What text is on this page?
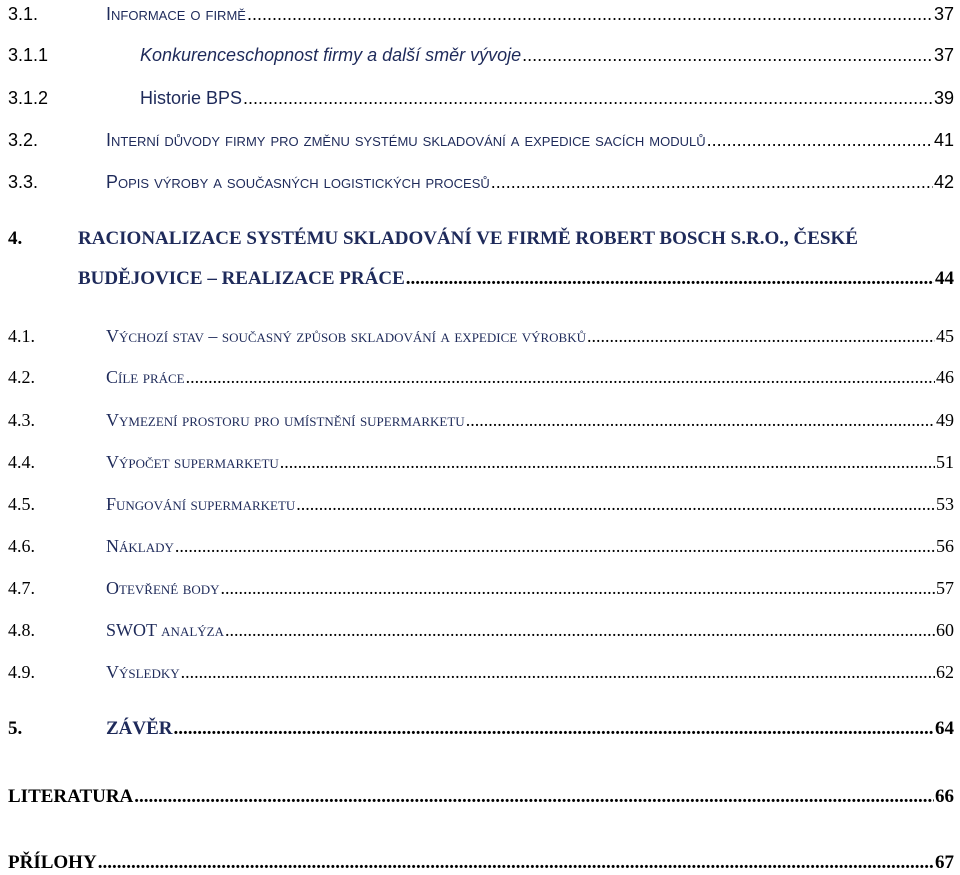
3.1.	Informace o firmě .....	37
3.1.1	Konkurenceschopnost firmy a další směr vývoje .....	37
3.1.2	Historie BPS .....	39
3.2.	Interní důvody firmy pro změnu systému skladování a expedice sacích modulů .....	41
3.3.	Popis výroby a současných logistických procesů .....	42
4.	RACIONALIZACE SYSTÉMU SKLADOVÁNÍ VE FIRMĚ ROBERT BOSCH S.R.O., ČESKÉ
BUDĚJOVICE – REALIZACE PRÁCE .....	44
4.1.	Výchozí stav – současný způsob skladování a expedice výrobků .....	45
4.2.	Cíle práce .....	46
4.3.	Vymezení prostoru pro umístnění supermarketu .....	49
4.4.	Výpočet supermarketu .....	51
4.5.	Fungování supermarketu .....	53
4.6.	Náklady .....	56
4.7.	Otevřené body .....	57
4.8.	SWOT analýza .....	60
4.9.	Výsledky .....	62
5.	ZÁVĚR .....	64
LITERATURA .....	66
PŘÍLOHY .....	67
